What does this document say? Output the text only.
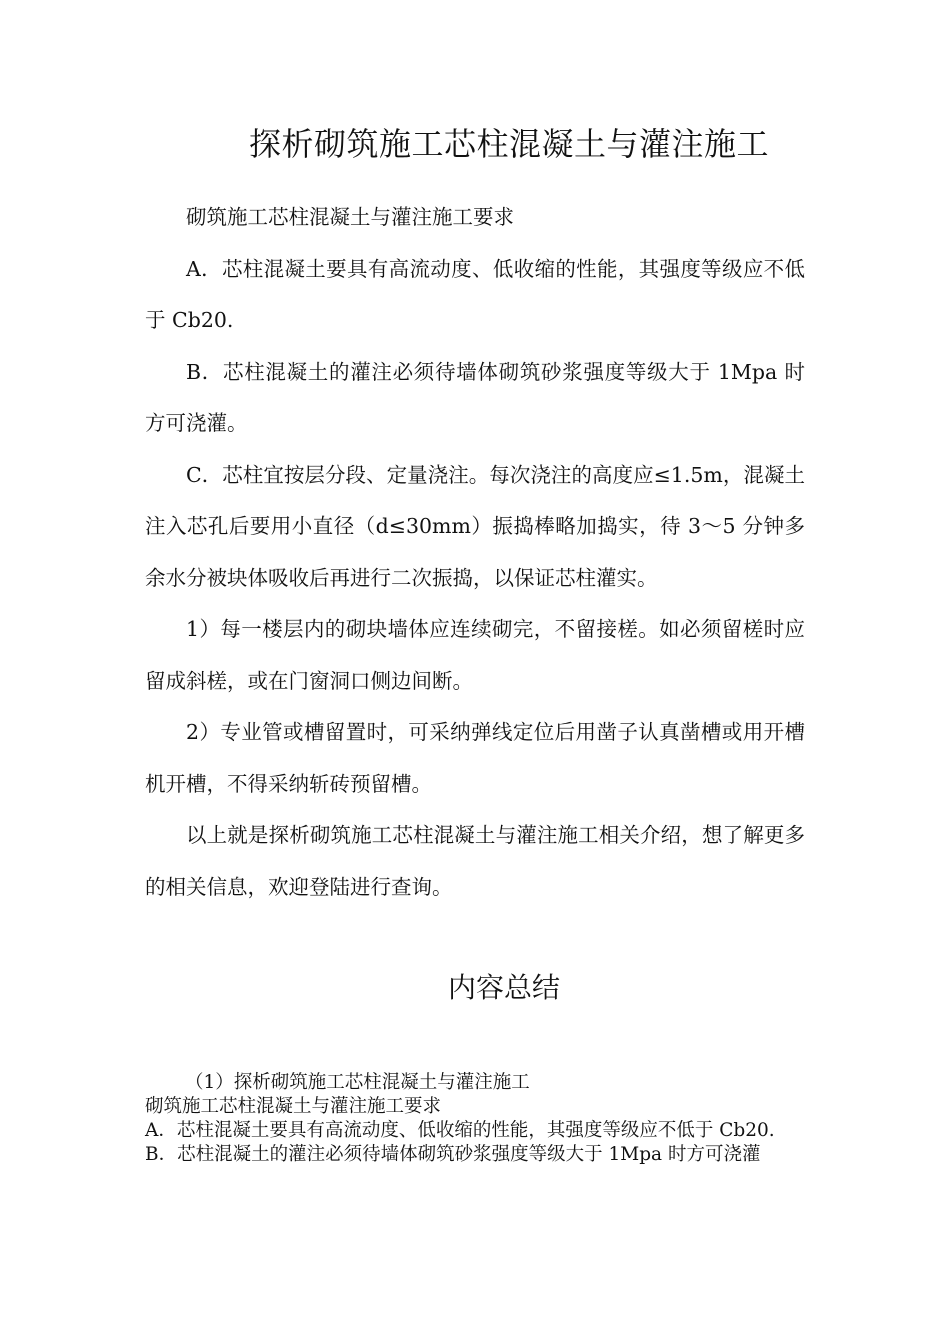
探析砌筑施工芯柱混凝土与灌注施工

砌筑施工芯柱混凝土与灌注施工要求

A．芯柱混凝土要具有高流动度、低收缩的性能，其强度等级应不低于 Cb20.

B．芯柱混凝土的灌注必须待墙体砌筑砂浆强度等级大于 1Mpa 时方可浇灌。

C．芯柱宜按层分段、定量浇注。每次浇注的高度应≤1.5m，混凝土注入芯孔后要用小直径（d≤30mm）振捣棒略加捣实，待 3～5 分钟多余水分被块体吸收后再进行二次振捣，以保证芯柱灌实。

1）每一楼层内的砌块墙体应连续砌完，不留接槎。如必须留槎时应留成斜槎，或在门窗洞口侧边间断。

2）专业管或槽留置时，可采纳弹线定位后用凿子认真凿槽或用开槽机开槽，不得采纳斩砖预留槽。

以上就是探析砌筑施工芯柱混凝土与灌注施工相关介绍，想了解更多的相关信息，欢迎登陆进行查询。

内容总结

（1）探析砌筑施工芯柱混凝土与灌注施工

砌筑施工芯柱混凝土与灌注施工要求

A．芯柱混凝土要具有高流动度、低收缩的性能，其强度等级应不低于 Cb20.

B．芯柱混凝土的灌注必须待墙体砌筑砂浆强度等级大于 1Mpa 时方可浇灌
